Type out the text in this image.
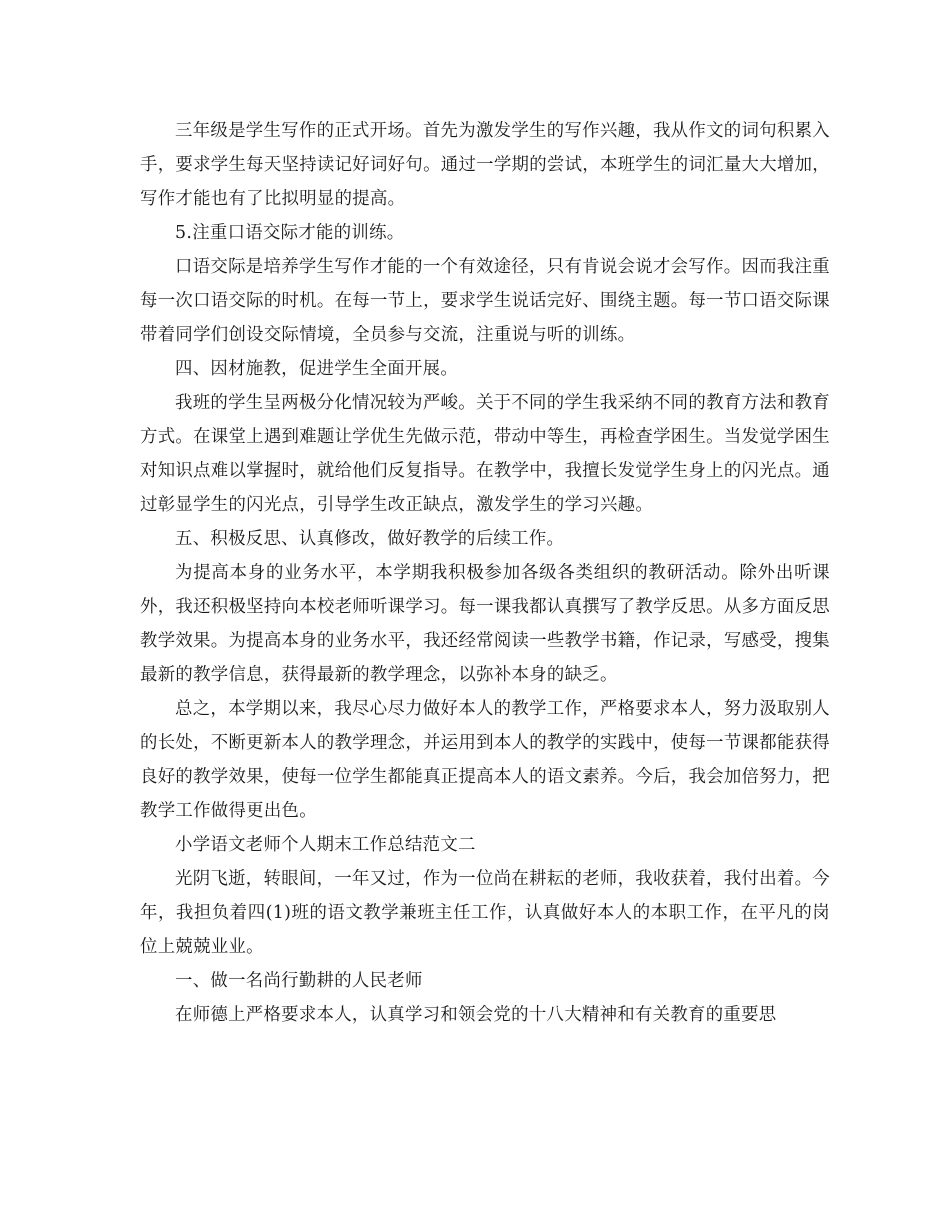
三年级是学生写作的正式开场。首先为激发学生的写作兴趣，我从作文的词句积累入手，要求学生每天坚持读记好词好句。通过一学期的尝试，本班学生的词汇量大大增加，写作才能也有了比拟明显的提高。

5.注重口语交际才能的训练。

口语交际是培养学生写作才能的一个有效途径，只有肯说会说才会写作。因而我注重每一次口语交际的时机。在每一节上，要求学生说话完好、围绕主题。每一节口语交际课带着同学们创设交际情境，全员参与交流，注重说与听的训练。

四、因材施教，促进学生全面开展。

我班的学生呈两极分化情况较为严峻。关于不同的学生我采纳不同的教育方法和教育方式。在课堂上遇到难题让学优生先做示范，带动中等生，再检查学困生。当发觉学困生对知识点难以掌握时，就给他们反复指导。在教学中，我擅长发觉学生身上的闪光点。通过彰显学生的闪光点，引导学生改正缺点，激发学生的学习兴趣。

五、积极反思、认真修改，做好教学的后续工作。

为提高本身的业务水平，本学期我积极参加各级各类组织的教研活动。除外出听课外，我还积极坚持向本校老师听课学习。每一课我都认真撰写了教学反思。从多方面反思教学效果。为提高本身的业务水平，我还经常阅读一些教学书籍，作记录，写感受，搜集最新的教学信息，获得最新的教学理念，以弥补本身的缺乏。

总之，本学期以来，我尽心尽力做好本人的教学工作，严格要求本人，努力汲取别人的长处，不断更新本人的教学理念，并运用到本人的教学的实践中，使每一节课都能获得良好的教学效果，使每一位学生都能真正提高本人的语文素养。今后，我会加倍努力，把教学工作做得更出色。

小学语文老师个人期末工作总结范文二

光阴飞逝，转眼间，一年又过，作为一位尚在耕耘的老师，我收获着，我付出着。今年，我担负着四(1)班的语文教学兼班主任工作，认真做好本人的本职工作，在平凡的岗位上兢兢业业。

一、做一名尚行勤耕的人民老师

在师德上严格要求本人，认真学习和领会党的十八大精神和有关教育的重要思
